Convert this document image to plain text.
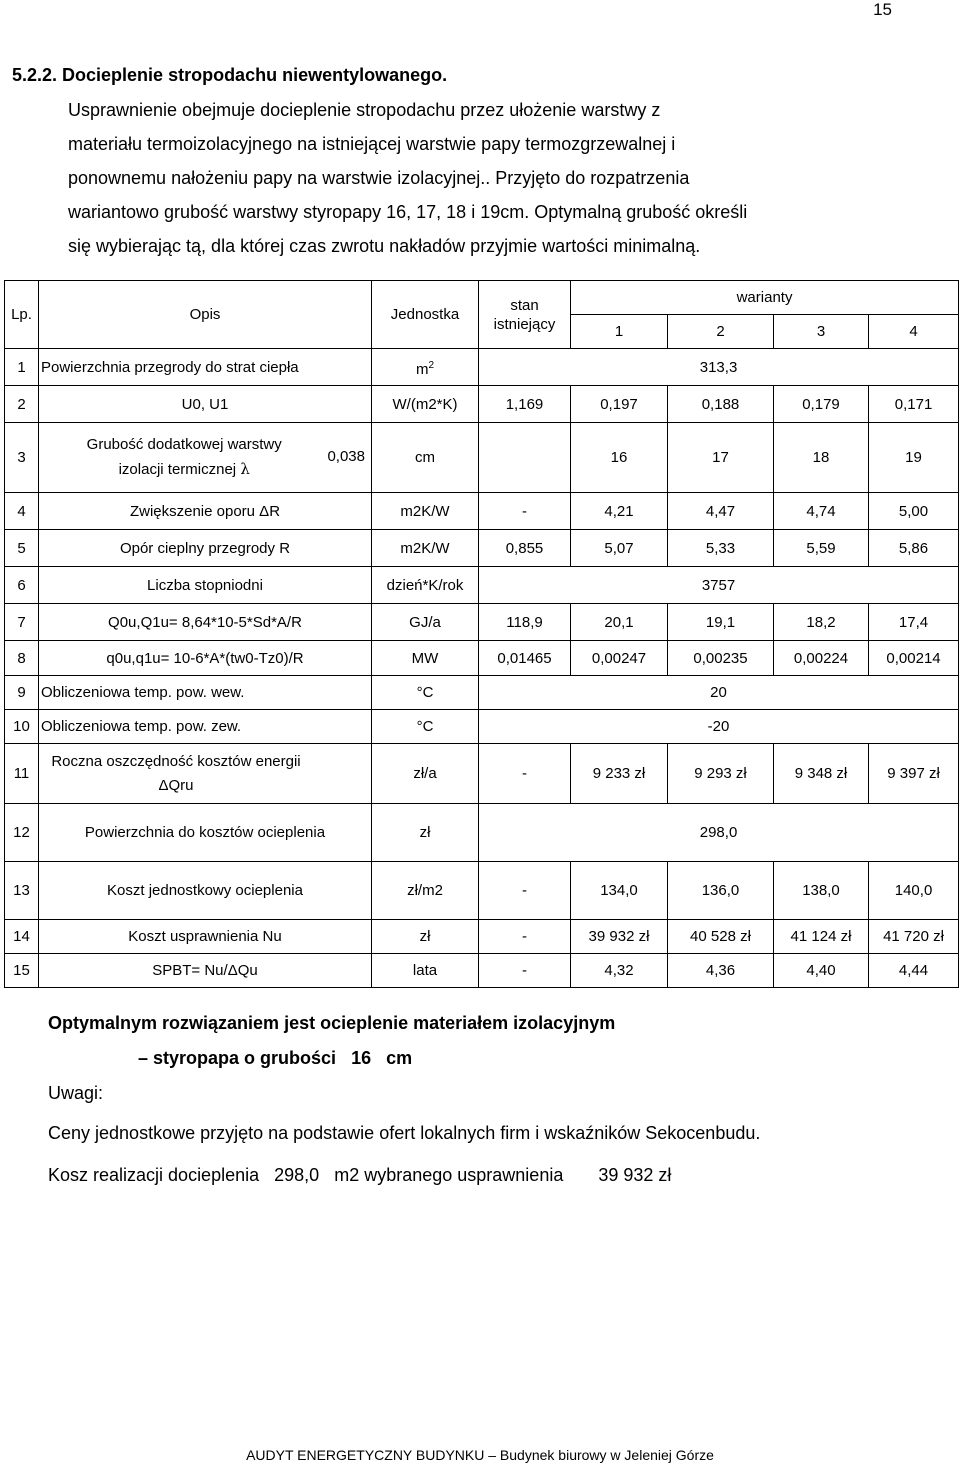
15
5.2.2. Docieplenie stropodachu niewentylowanego.
Usprawnienie obejmuje docieplenie stropodachu przez ułożenie warstwy z
materiału termoizolacyjnego na istniejącej warstwie papy termozgrzewalnej i
ponownemu nałożeniu papy na warstwie izolacyjnej.. Przyjęto do rozpatrzenia
wariantowo grubość warstwy styropapy 16, 17, 18 i 19cm. Optymalną grubość określi
się wybierając tą, dla której czas zwrotu nakładów przyjmie wartości minimalną.
Lp.	Opis	Jednostka	stan istniejący	warianty			
				1	2	3	4
1	Powierzchnia przegrody do strat ciepła	$m^2$	313,3				
2	U0, U1	W/(m2*K)	1,169	0,197	0,188	0,179	0,171
3	Grubość dodatkowej warstwy izolacji termicznej λ
0,038	cm		16	17	18	19
4	Zwiększenie oporu ΔR	m2K/W	-	4,21	4,47	4,74	5,00
5	Opór cieplny przegrody R	m2K/W	0,855	5,07	5,33	5,59	5,86
6	Liczba stopniodni	dzień*K/rok	3757				
7	Q0u,Q1u= 8,64*10-5*Sd*A/R	GJ/a	118,9	20,1	19,1	18,2	17,4
8	q0u,q1u= 10-6*A*(tw0-Tz0)/R	MW	0,01465	0,00247	0,00235	0,00224	0,00214
9	Obliczeniowa temp. pow. wew.	°C	20				
10	Obliczeniowa temp. pow. zew.	°C	-20				
11	Roczna oszczędność kosztów energii
ΔQru	zł/a	-	9 233 zł	9 293 zł	9 348 zł	9 397 zł
12	Powierzchnia do kosztów ocieplenia	zł	298,0				
13	Koszt jednostkowy ocieplenia	zł/m2	-	134,0	136,0	138,0	140,0
14	Koszt usprawnienia Nu	zł	-	39 932 zł	40 528 zł	41 124 zł	41 720 zł
15	SPBT= Nu/ΔQu	lata	-	4,32	4,36	4,40	4,44
Optymalnym rozwiązaniem jest ocieplenie materiałem izolacyjnym
– styropapa o grubości 16 cm
Uwagi:
Ceny jednostkowe przyjęto na podstawie ofert lokalnych firm i wskaźników Sekocenbudu.
Kosz realizacji docieplenia 298,0 m2 wybranego usprawnienia 39 932 zł
AUDYT ENERGETYCZNY BUDYNKU – Budynek biurowy w Jeleniej Górze
